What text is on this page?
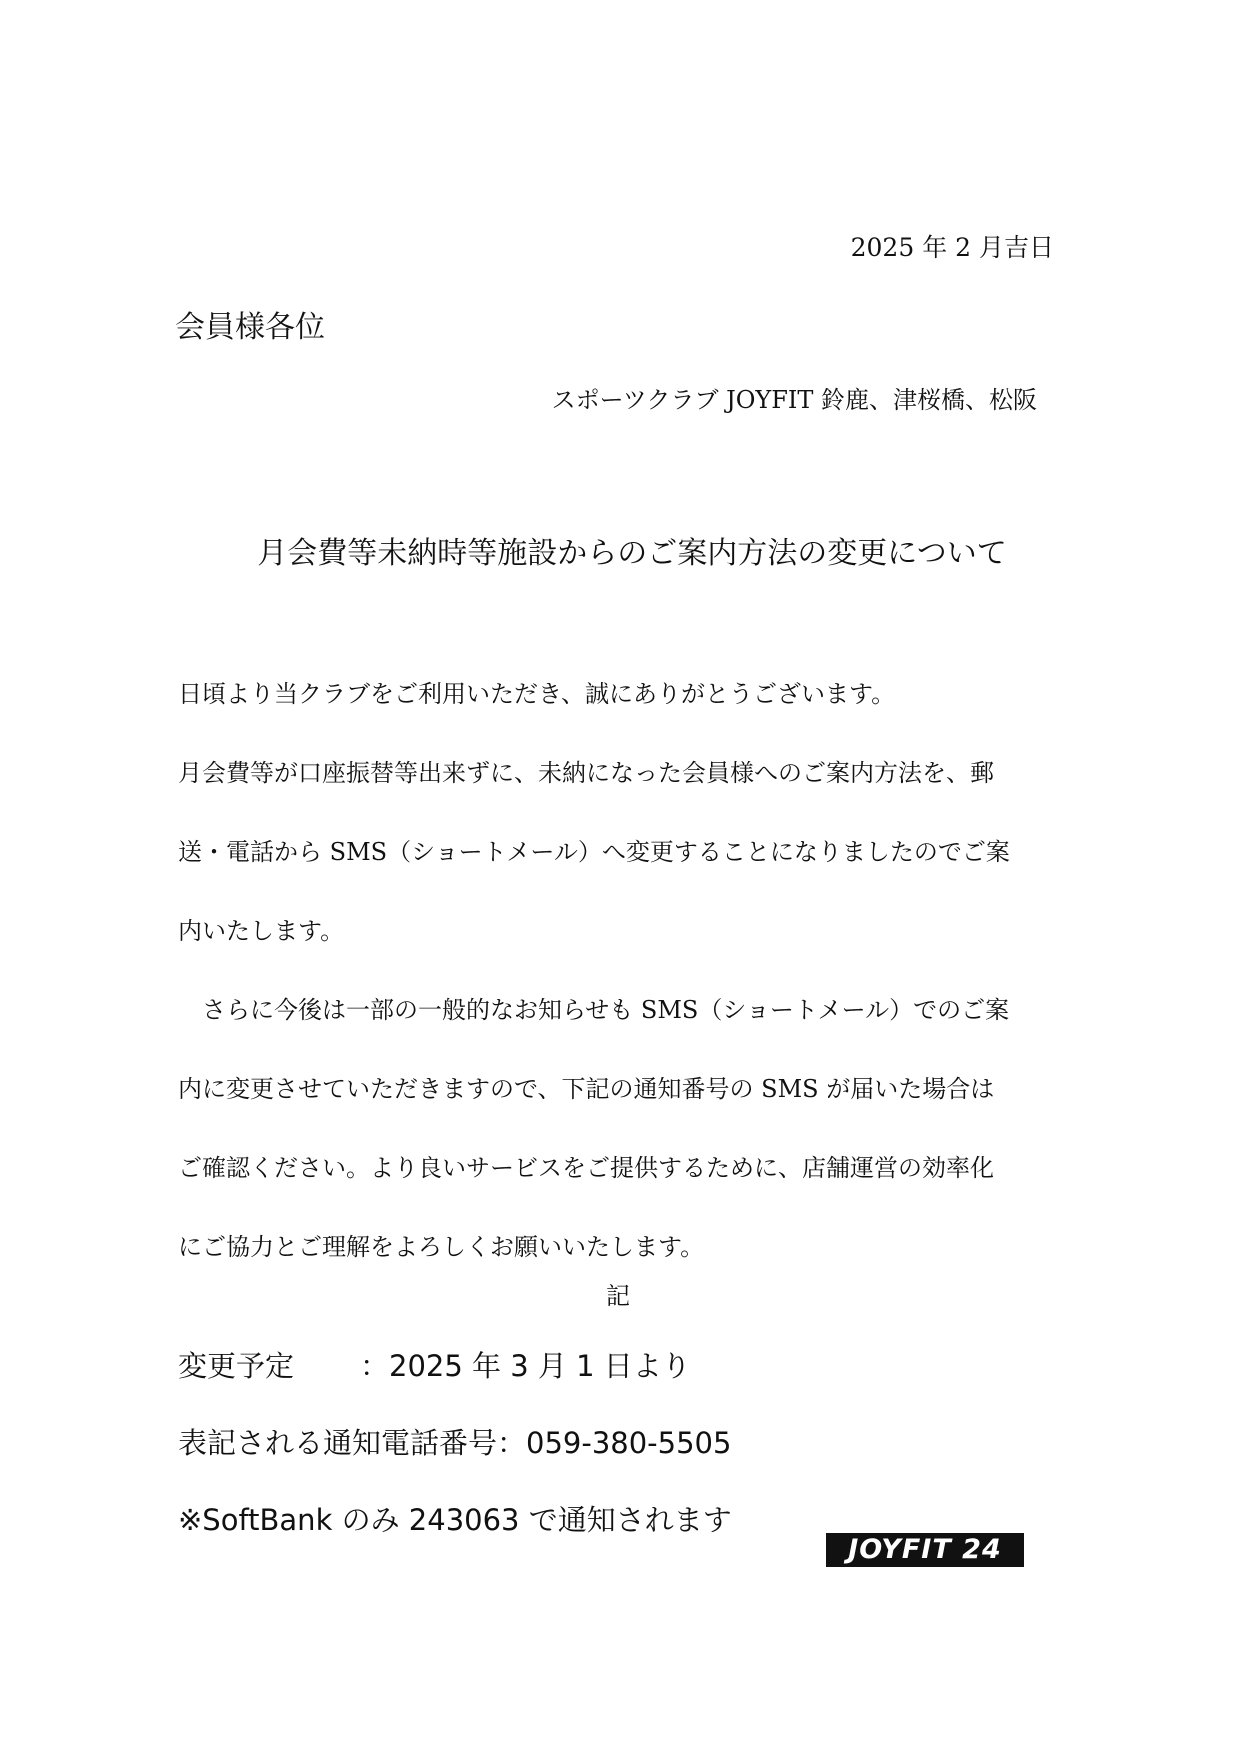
2025 年 2 月吉日
会員様各位
スポーツクラブ JOYFIT 鈴鹿、津桜橋、松阪
月会費等未納時等施設からのご案内方法の変更について
日頃より当クラブをご利用いただき、誠にありがとうございます。
月会費等が口座振替等出来ずに、未納になった会員様へのご案内方法を、郵
送・電話から SMS（ショートメール）へ変更することになりましたのでご案
内いたします。
　さらに今後は一部の一般的なお知らせも SMS（ショートメール）でのご案
内に変更させていただきますので、下記の通知番号の SMS が届いた場合は
ご確認ください。より良いサービスをご提供するために、店舗運営の効率化
にご協力とご理解をよろしくお願いいたします。
記
変更予定 ：2025 年 3 月 1 日より
表記される通知電話番号：059-380-5505
※SoftBank のみ 243063 で通知されます
JOYFIT 24
